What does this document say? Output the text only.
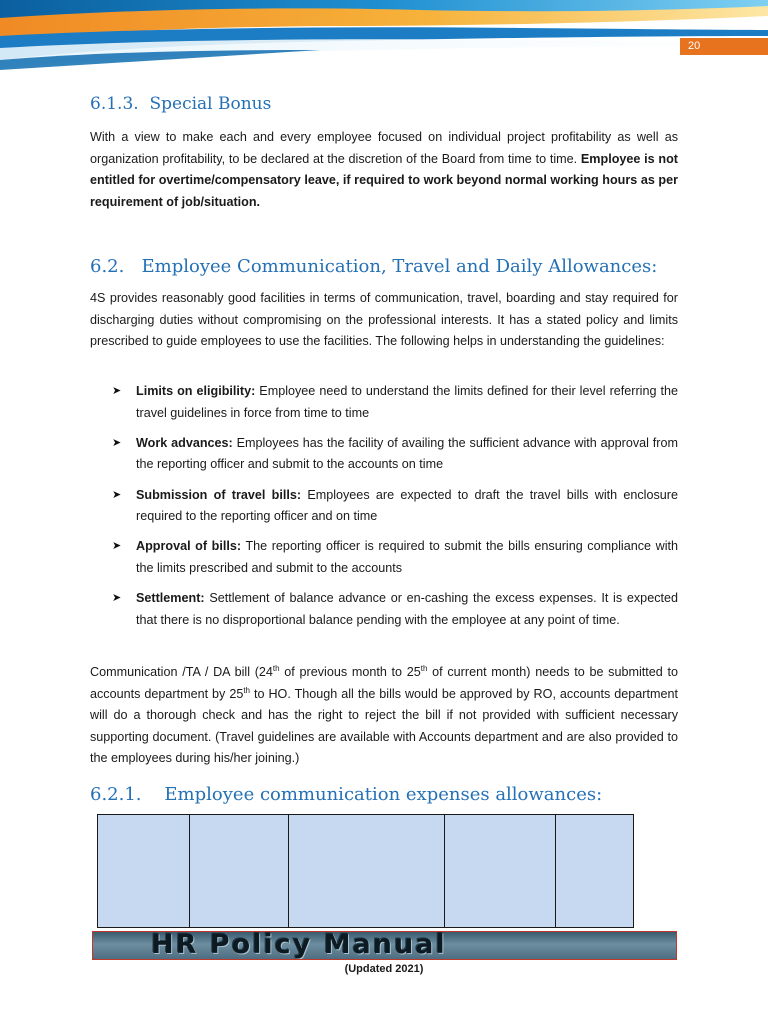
20
6.1.3. Special Bonus

With a view to make each and every employee focused on individual project profitability as well as organization profitability, to be declared at the discretion of the Board from time to time. Employee is not entitled for overtime/compensatory leave, if required to work beyond normal working hours as per requirement of job/situation.

6.2. Employee Communication, Travel and Daily Allowances:

4S provides reasonably good facilities in terms of communication, travel, boarding and stay required for discharging duties without compromising on the professional interests. It has a stated policy and limits prescribed to guide employees to use the facilities. The following helps in understanding the guidelines:

➤ Limits on eligibility: Employee need to understand the limits defined for their level referring the travel guidelines in force from time to time
➤ Work advances: Employees has the facility of availing the sufficient advance with approval from the reporting officer and submit to the accounts on time
➤ Submission of travel bills: Employees are expected to draft the travel bills with enclosure required to the reporting officer and on time
➤ Approval of bills: The reporting officer is required to submit the bills ensuring compliance with the limits prescribed and submit to the accounts
➤ Settlement: Settlement of balance advance or en-cashing the excess expenses. It is expected that there is no disproportional balance pending with the employee at any point of time.

Communication /TA / DA bill (24th of previous month to 25th of current month) needs to be submitted to accounts department by 25th to HO. Though all the bills would be approved by RO, accounts department will do a thorough check and has the right to reject the bill if not provided with sufficient necessary supporting document. (Travel guidelines are available with Accounts department and are also provided to the employees during his/her joining.)

6.2.1. Employee communication expenses allowances:

HR Policy Manual

(Updated 2021)
